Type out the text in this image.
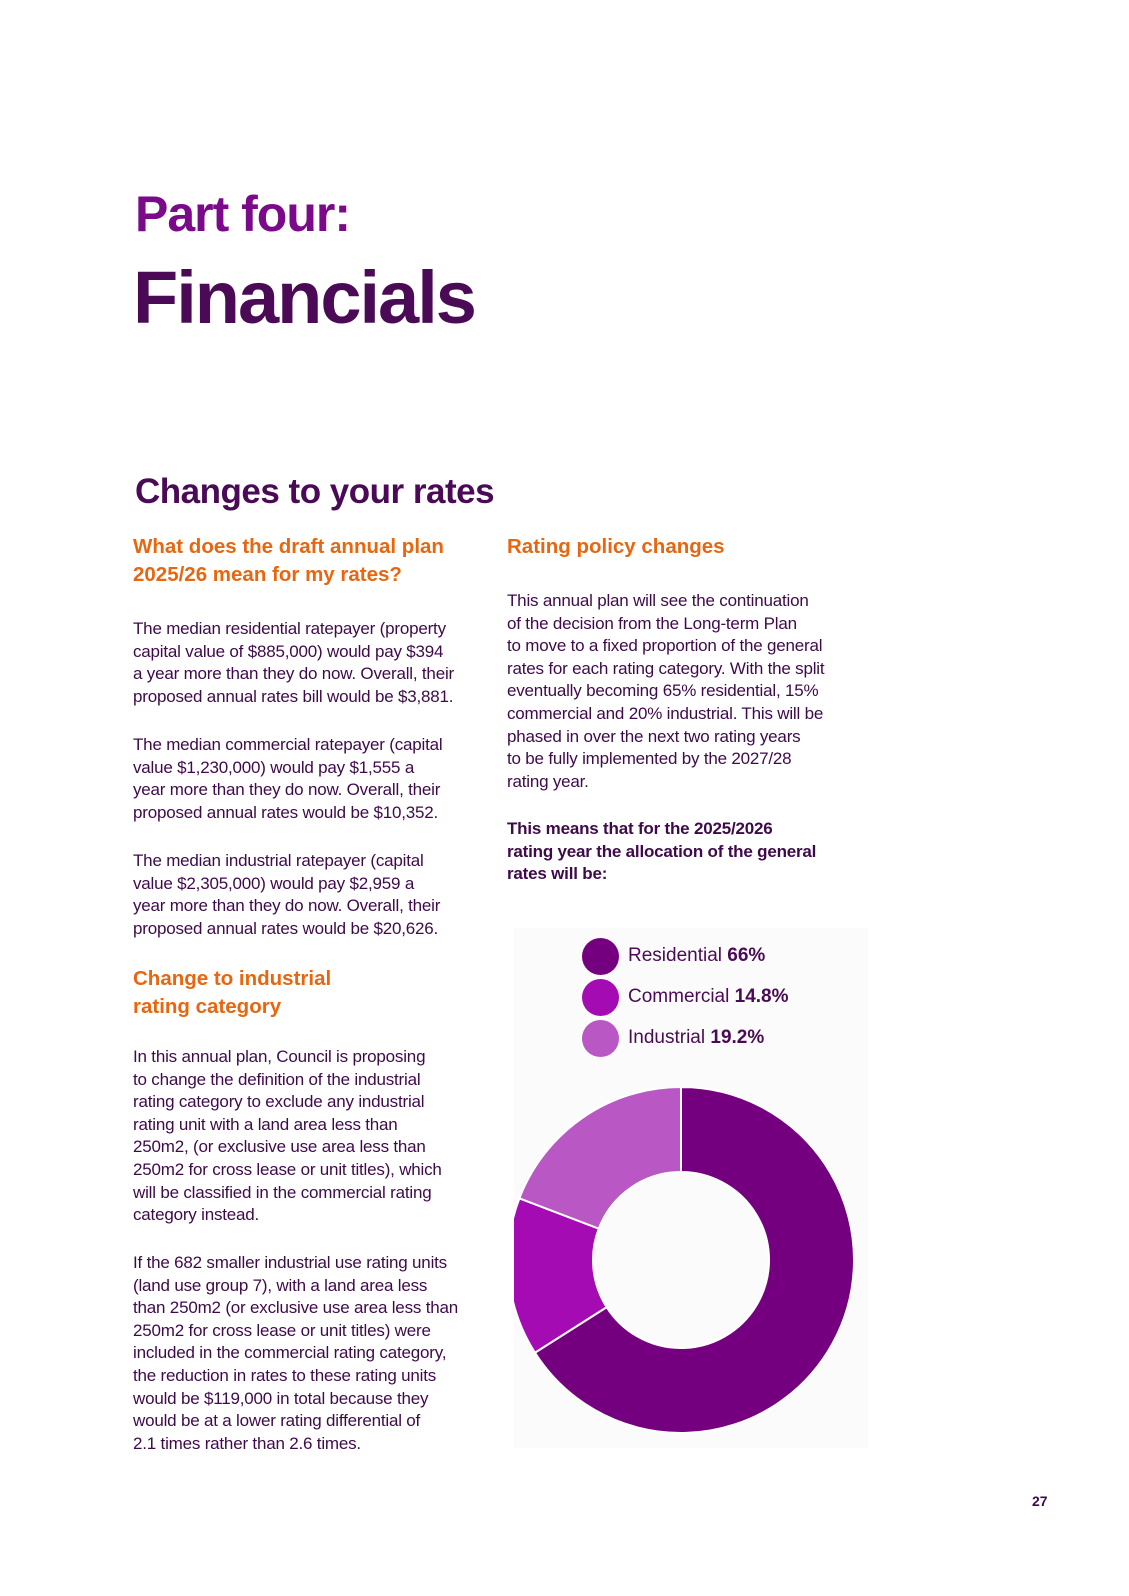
Part four:
Financials
Changes to your rates
What does the draft annual plan
2025/26 mean for my rates?
The median residential ratepayer (property
capital value of $885,000) would pay $394
a year more than they do now. Overall, their
proposed annual rates bill would be $3,881.
The median commercial ratepayer (capital
value $1,230,000) would pay $1,555 a
year more than they do now. Overall, their
proposed annual rates would be $10,352.
The median industrial ratepayer (capital
value $2,305,000) would pay $2,959 a
year more than they do now. Overall, their
proposed annual rates would be $20,626.
Change to industrial
rating category
In this annual plan, Council is proposing
to change the definition of the industrial
rating category to exclude any industrial
rating unit with a land area less than
250m2, (or exclusive use area less than
250m2 for cross lease or unit titles), which
will be classified in the commercial rating
category instead.
If the 682 smaller industrial use rating units
(land use group 7), with a land area less
than 250m2 (or exclusive use area less than
250m2 for cross lease or unit titles) were
included in the commercial rating category,
the reduction in rates to these rating units
would be $119,000 in total because they
would be at a lower rating differential of
2.1 times rather than 2.6 times.
Rating policy changes
This annual plan will see the continuation
of the decision from the Long-term Plan
to move to a fixed proportion of the general
rates for each rating category. With the split
eventually becoming 65% residential, 15%
commercial and 20% industrial. This will be
phased in over the next two rating years
to be fully implemented by the 2027/28
rating year.
This means that for the 2025/2026
rating year the allocation of the general
rates will be:
Residential 66%
Commercial 14.8%
Industrial 19.2%
27
